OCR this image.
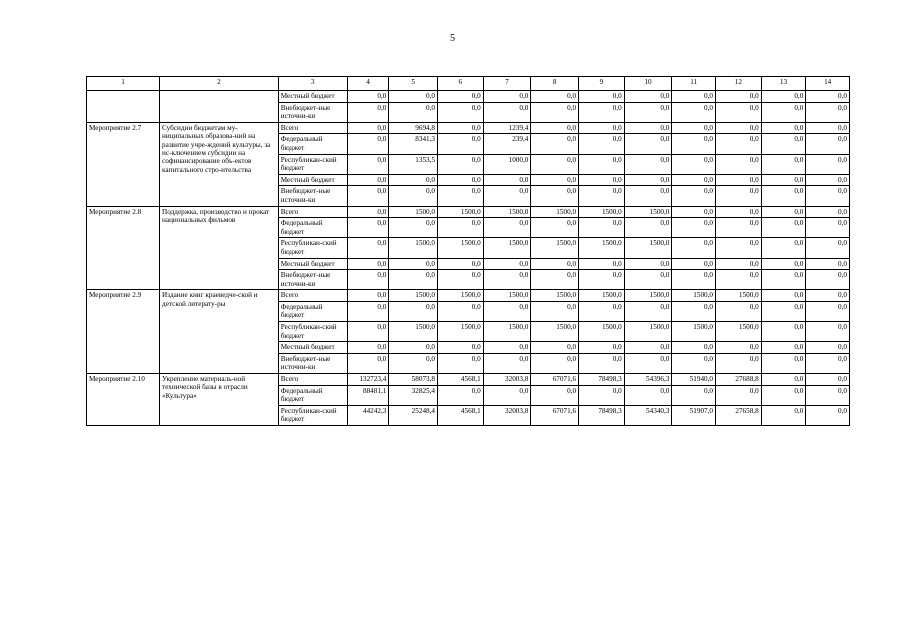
5
1	2	3	4	5	6	7	8	9	10	11	12	13	14
		Местный бюджет	0,0	0,0	0,0	0,0	0,0	0,0	0,0	0,0	0,0	0,0	0,0
		Внебюджет-ные источни-ки	0,0	0,0	0,0	0,0	0,0	0,0	0,0	0,0	0,0	0,0	0,0
Мероприятие 2.7	Субсидии бюджетам му-ниципальных образова-ний на развитие учре-ждений культуры, за ис-ключением субсидии на софинансирование объ-ектов капитального стро-ительства	Всего	0,0	9694,8	0,0	1239,4	0,0	0,0	0,0	0,0	0,0	0,0	0,0
		Федеральный бюджет	0,0	8341,3	0,0	239,4	0,0	0,0	0,0	0,0	0,0	0,0	0,0
		Республикан-ский бюджет	0,0	1353,5	0,0	1000,0	0,0	0,0	0,0	0,0	0,0	0,0	0,0
		Местный бюджет	0,0	0,0	0,0	0,0	0,0	0,0	0,0	0,0	0,0	0,0	0,0
		Внебюджет-ные источни-ки	0,0	0,0	0,0	0,0	0,0	0,0	0,0	0,0	0,0	0,0	0,0
Мероприятие 2.8	Поддержка, производство и прокат национальных фильмов	Всего	0,0	1500,0	1500,0	1500,0	1500,0	1500,0	1500,0	0,0	0,0	0,0	0,0
		Федеральный бюджет	0,0	0,0	0,0	0,0	0,0	0,0	0,0	0,0	0,0	0,0	0,0
		Республикан-ский бюджет	0,0	1500,0	1500,0	1500,0	1500,0	1500,0	1500,0	0,0	0,0	0,0	0,0
		Местный бюджет	0,0	0,0	0,0	0,0	0,0	0,0	0,0	0,0	0,0	0,0	0,0
		Внебюджет-ные источни-ки	0,0	0,0	0,0	0,0	0,0	0,0	0,0	0,0	0,0	0,0	0,0
Мероприятие 2.9	Издание книг краеведче-ской и детской литерату-ры	Всего	0,0	1500,0	1500,0	1500,0	1500,0	1500,0	1500,0	1500,0	1500,0	0,0	0,0
		Федеральный бюджет	0,0	0,0	0,0	0,0	0,0	0,0	0,0	0,0	0,0	0,0	0,0
		Республикан-ский бюджет	0,0	1500,0	1500,0	1500,0	1500,0	1500,0	1500,0	1500,0	1500,0	0,0	0,0
		Местный бюджет	0,0	0,0	0,0	0,0	0,0	0,0	0,0	0,0	0,0	0,0	0,0
		Внебюджет-ные источни-ки	0,0	0,0	0,0	0,0	0,0	0,0	0,0	0,0	0,0	0,0	0,0
Мероприятие 2.10	Укрепление материаль-ной технической базы в отрасли «Культура»	Всего	132723,4	58073,8	4568,1	32003,8	67071,6	78498,3	54396,3	51940,0	27688,8	0,0	0,0
		Федеральный бюджет	88481,1	32825,4	0,0	0,0	0,0	0,0	0,0	0,0	0,0	0,0	0,0
		Республикан-ский бюджет	44242,3	25248,4	4568,1	32003,8	67071,6	78498,3	54340,3	51907,0	27658,8	0,0	0,0
